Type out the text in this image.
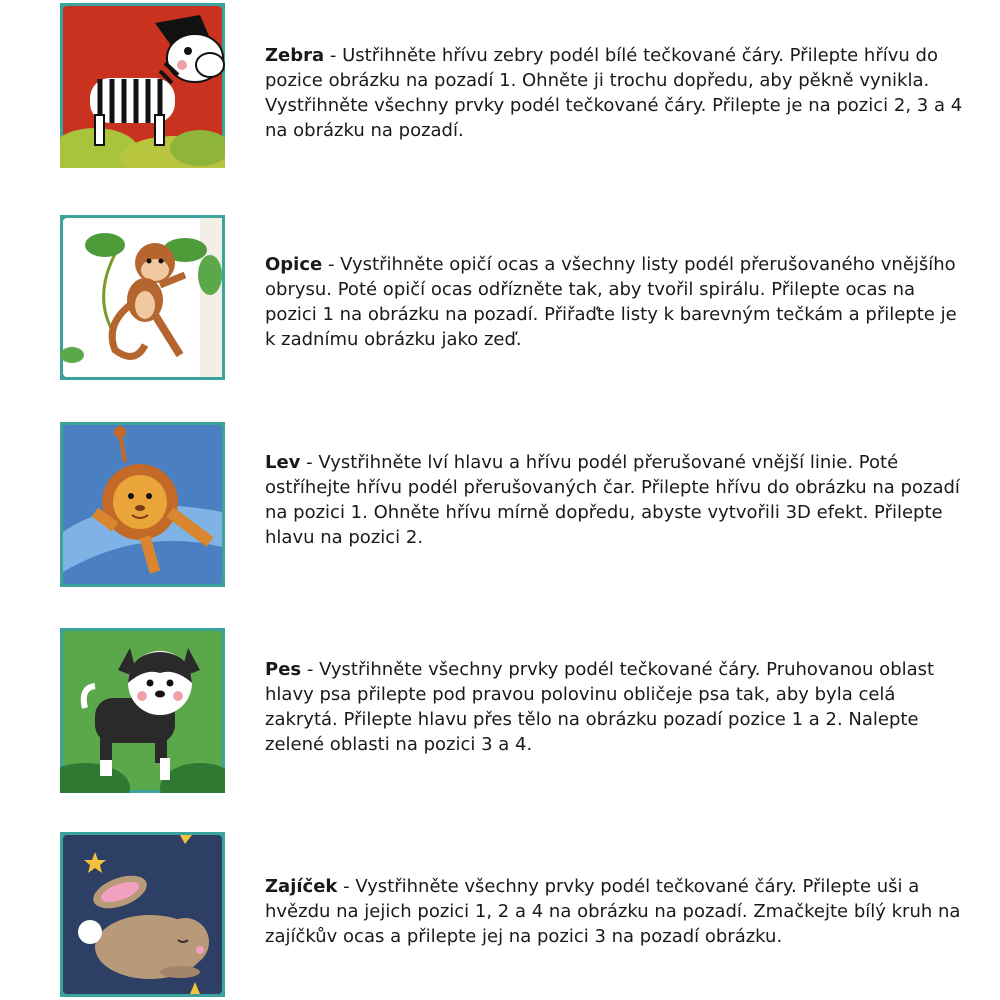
Zebra - Ustřihněte hřívu zebry podél bílé tečkované čáry. Přilepte hřívu do pozice obrázku na pozadí 1. Ohněte ji trochu dopředu, aby pěkně vynikla. Vystřihněte všechny prvky podél tečkované čáry. Přilepte je na pozici 2, 3 a 4 na obrázku na pozadí.
Opice - Vystřihněte opičí ocas a všechny listy podél přerušovaného vnějšího obrysu. Poté opičí ocas odřízněte tak, aby tvořil spirálu. Přilepte ocas na pozici 1 na obrázku na pozadí. Přiřaďte listy k barevným tečkám a přilepte je k zadnímu obrázku jako zeď.
Lev - Vystřihněte lví hlavu a hřívu podél přerušované vnější linie. Poté ostříhejte hřívu podél přerušovaných čar. Přilepte hřívu do obrázku na pozadí na pozici 1. Ohněte hřívu mírně dopředu, abyste vytvořili 3D efekt. Přilepte hlavu na pozici 2.
Pes - Vystřihněte všechny prvky podél tečkované čáry. Pruhovanou oblast hlavy psa přilepte pod pravou polovinu obličeje psa tak, aby byla celá zakrytá. Přilepte hlavu přes tělo na obrázku pozadí pozice 1 a 2. Nalepte zelené oblasti na pozici 3 a 4.
Zajíček - Vystřihněte všechny prvky podél tečkované čáry. Přilepte uši a hvězdu na jejich pozici 1, 2 a 4 na obrázku na pozadí. Zmačkejte bílý kruh na zajíčkův ocas a přilepte jej na pozici 3 na pozadí obrázku.
